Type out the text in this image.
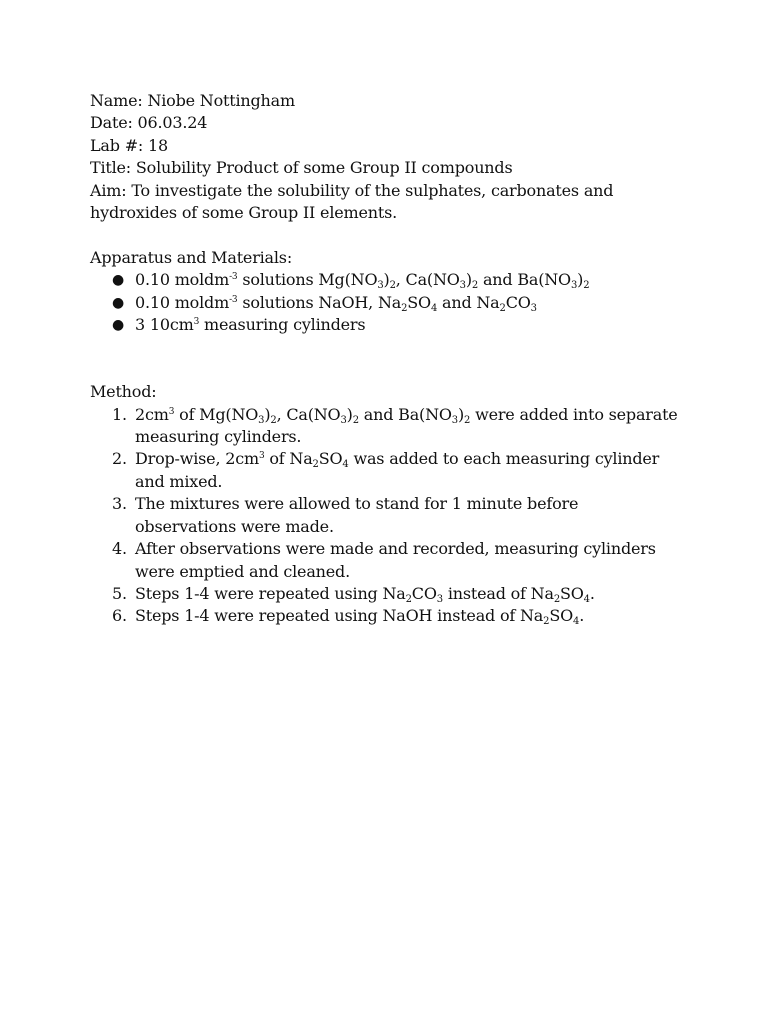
Name: Niobe Nottingham
Date: 06.03.24
Lab #: 18
Title: Solubility Product of some Group II compounds
Aim: To investigate the solubility of the sulphates, carbonates and hydroxides of some Group II elements.
Apparatus and Materials:
● 0.10 moldm$^{-3}$ solutions $Mg(NO_3)_2$, $Ca(NO_3)_2$ and $Ba(NO_3)_2$
● 0.10 moldm$^{-3}$ solutions NaOH, $Na_2SO_4$ and $Na_2CO_3$
● 3 $10cm^3$ measuring cylinders
Method:
1. $2cm^3$ of $Mg(NO_3)_2$, $Ca(NO_3)_2$ and $Ba(NO_3)_2$ were added into separate measuring cylinders.
2. Drop-wise, $2cm^3$ of $Na_2SO_4$ was added to each measuring cylinder and mixed.
3. The mixtures were allowed to stand for 1 minute before observations were made.
4. After observations were made and recorded, measuring cylinders were emptied and cleaned.
5. Steps 1-4 were repeated using $Na_2CO_3$ instead of $Na_2SO_4$.
6. Steps 1-4 were repeated using NaOH instead of $Na_2SO_4$.
